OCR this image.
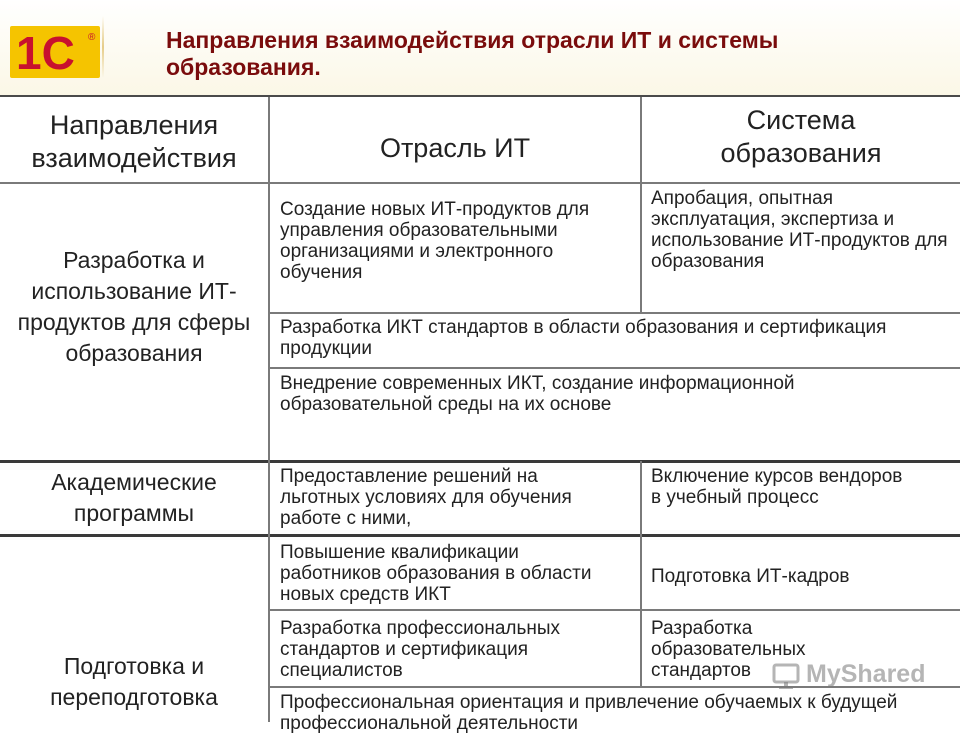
1С ®	Направления взаимодействия отрасли ИТ и системы образования.
Направления взаимодействия	Отрасль ИТ
Система образования
Разработка и использование ИТ-продуктов для сферы образования
Создание новых ИТ-продуктов для управления образовательными организациями и электронного обучения
Апробация, опытная эксплуатация, экспертиза и использование ИТ-продуктов для образования
Разработка ИКТ стандартов в области образования и сертификация продукции
Внедрение современных ИКТ, создание информационной образовательной среды на их основе
Академические программы
Предоставление решений на льготных условиях для обучения работе с ними,
Включение курсов вендоров в учебный процесс
Подготовка и переподготовка
Повышение квалификации работников образования в области новых средств ИКТ
Подготовка ИТ-кадров
Разработка профессиональных стандартов и сертификация специалистов
Разработка образовательных стандартов
Профессиональная ориентация и привлечение обучаемых к будущей профессиональной деятельности
MyShared
